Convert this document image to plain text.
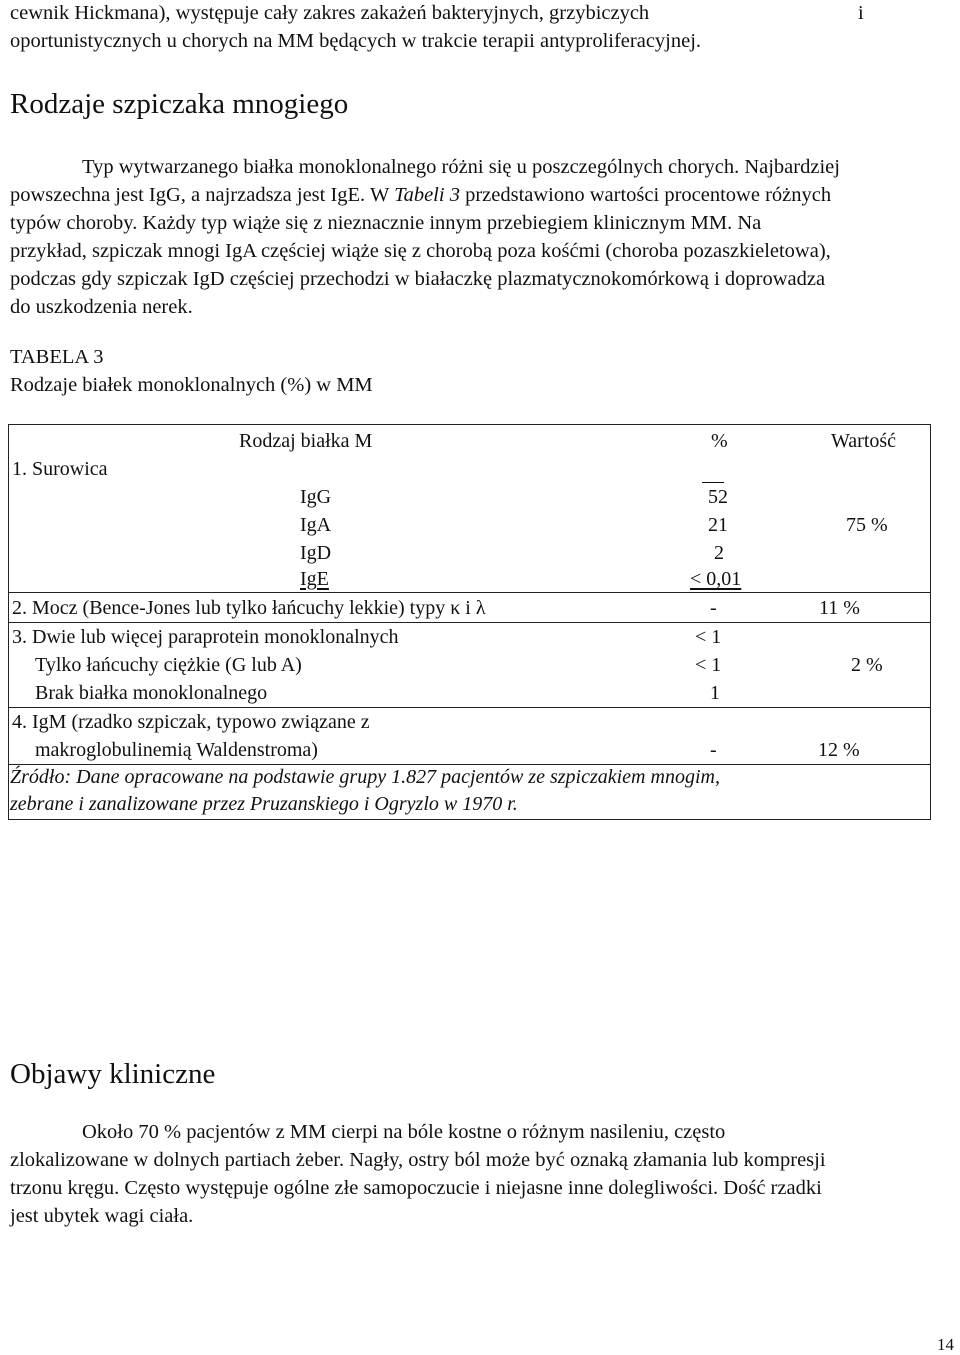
cewnik Hickmana), występuje cały zakres zakażeń bakteryjnych, grzybiczych	i
oportunistycznych u chorych na MM będących w trakcie terapii antyproliferacyjnej.
Rodzaje szpiczaka mnogiego
Typ wytwarzanego białka monoklonalnego różni się u poszczególnych chorych. Najbardziej
powszechna jest IgG, a najrzadsza jest IgE. W Tabeli 3 przedstawiono wartości procentowe różnych
typów choroby. Każdy typ wiąże się z nieznacznie innym przebiegiem klinicznym MM. Na
przykład, szpiczak mnogi IgA częściej wiąże się z chorobą poza kośćmi (choroba pozaszkieletowa),
podczas gdy szpiczak IgD częściej przechodzi w białaczkę plazmatycznokomórkową i doprowadza
do uszkodzenia nerek.
TABELA 3
Rodzaje białek monoklonalnych (%) w MM
Rodzaj białka M	%	Wartość
1. Surowica
IgG	52
IgA	21	75 %
IgD	2
IgE	< 0,01
2. Mocz (Bence-Jones lub tylko łańcuchy lekkie) typy κ i λ	-	11 %
3. Dwie lub więcej paraprotein monoklonalnych	< 1
Tylko łańcuchy ciężkie (G lub A)	< 1	2 %
Brak białka monoklonalnego	1
4. IgM (rzadko szpiczak, typowo związane z
makroglobulinemią Waldenstroma)	-	12 %
Źródło: Dane opracowane na podstawie grupy 1.827 pacjentów ze szpiczakiem mnogim,
zebrane i zanalizowane przez Pruzanskiego i Ogryzlo w 1970 r.
Objawy kliniczne
Około 70 % pacjentów z MM cierpi na bóle kostne o różnym nasileniu, często
zlokalizowane w dolnych partiach żeber. Nagły, ostry ból może być oznaką złamania lub kompresji
trzonu kręgu. Często występuje ogólne złe samopoczucie i niejasne inne dolegliwości. Dość rzadki
jest ubytek wagi ciała.
14
